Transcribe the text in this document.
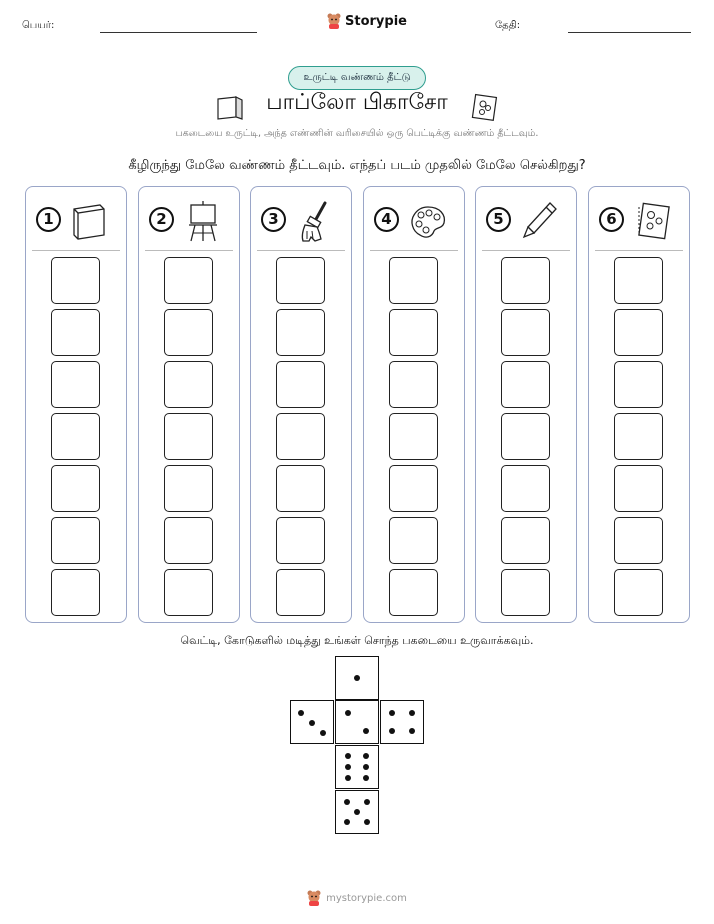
பெயர்:	Storypie	தேதி:
உருட்டி வண்ணம் தீட்டு
பாப்லோ பிகாசோ
பகடையை உருட்டி, அந்த எண்ணின் வரிசையில் ஒரு பெட்டிக்கு வண்ணம் தீட்டவும்.
கீழிருந்து மேலே வண்ணம் தீட்டவும். எந்தப் படம் முதலில் மேலே செல்கிறது?
1	2	3	4	5	6
வெட்டி, கோடுகளில் மடித்து உங்கள் சொந்த பகடையை உருவாக்கவும்.
mystorypie.com
